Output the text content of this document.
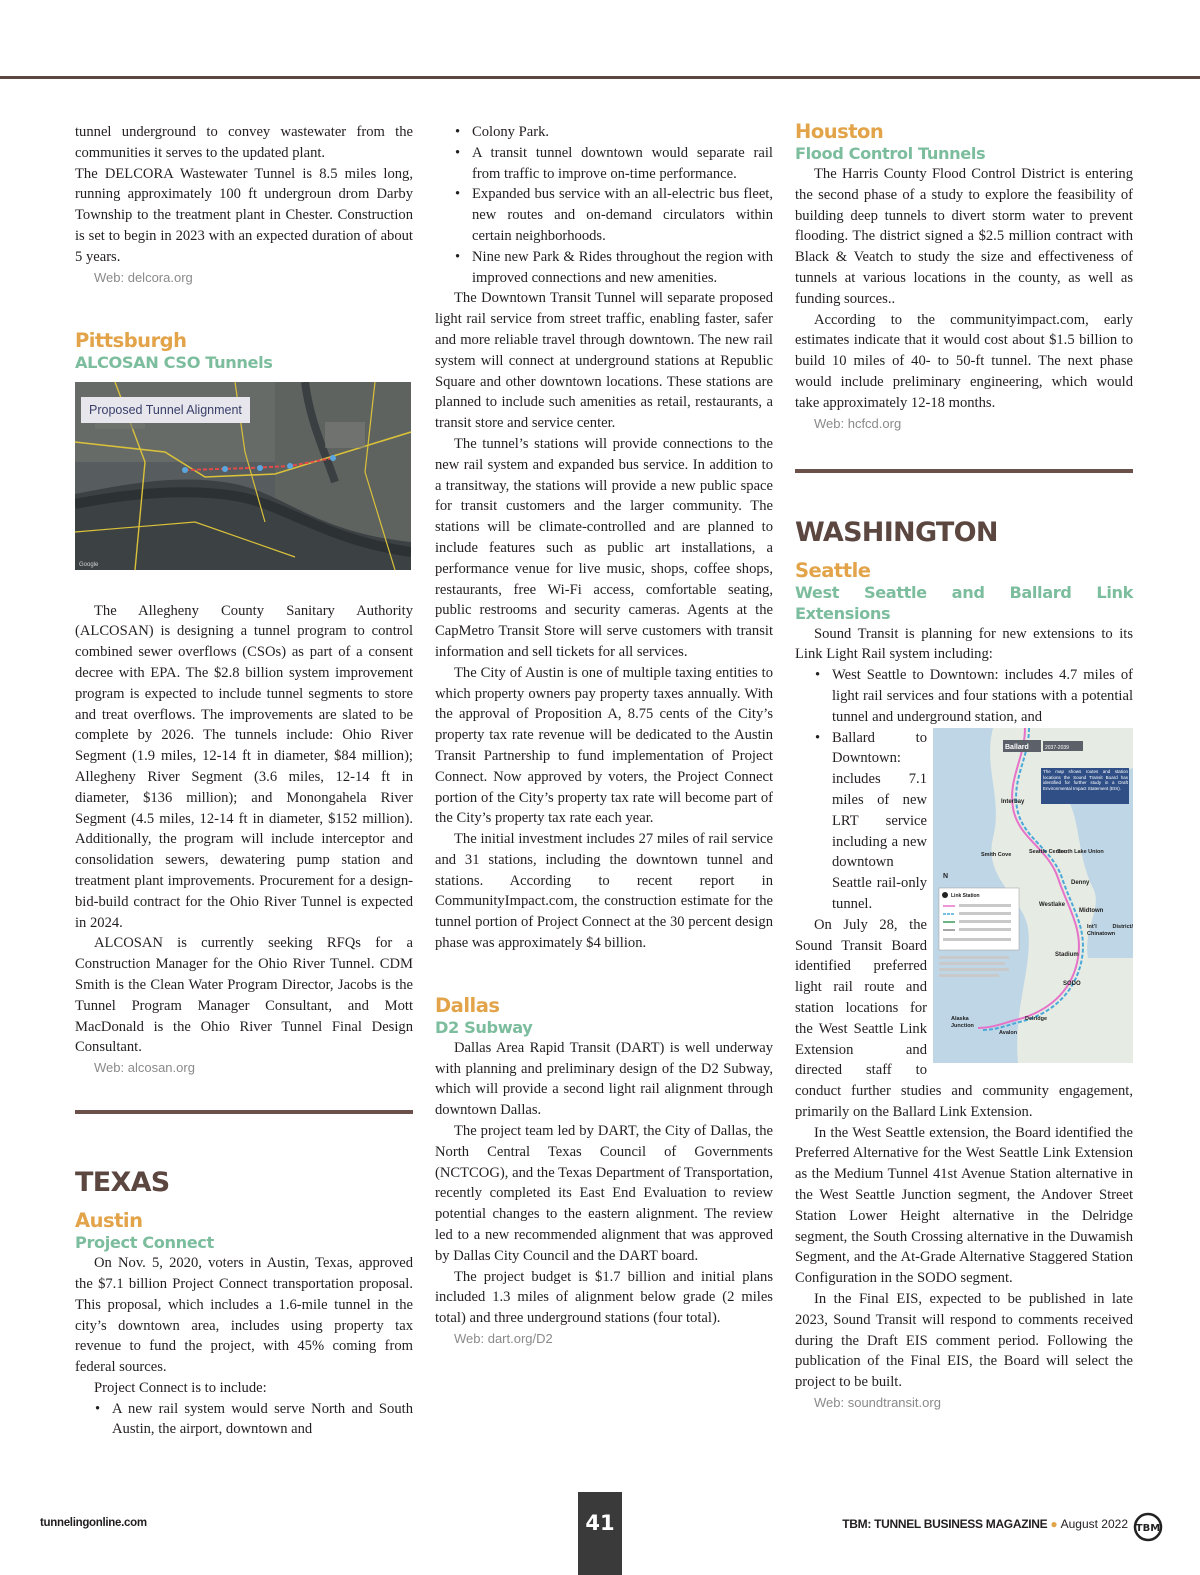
tunnel underground to convey wastewater from the communities it serves to the updated plant.

The DELCORA Wastewater Tunnel is 8.5 miles long, running approximately 100 ft undergroun drom Darby Township to the treatment plant in Chester. Construction is set to begin in 2023 with an expected duration of about 5 years.

Web: delcora.org
Pittsburgh
ALCOSAN CSO Tunnels
Google
Proposed Tunnel Alignment

The Allegheny County Sanitary Authority (ALCOSAN) is designing a tunnel program to control combined sewer overflows (CSOs) as part of a consent decree with EPA. The $2.8 billion system improvement program is expected to include tunnel segments to store and treat overflows. The improvements are slated to be complete by 2026. The tunnels include: Ohio River Segment (1.9 miles, 12-14 ft in diameter, $84 million); Allegheny River Segment (3.6 miles, 12-14 ft in diameter, $136 million); and Monongahela River Segment (4.5 miles, 12-14 ft in diameter, $152 million). Additionally, the program will include interceptor and consolidation sewers, dewatering pump station and treatment plant improvements. Procurement for a design-bid-build contract for the Ohio River Tunnel is expected in 2024.

ALCOSAN is currently seeking RFQs for a Construction Manager for the Ohio River Tunnel. CDM Smith is the Clean Water Program Director, Jacobs is the Tunnel Program Manager Consultant, and Mott MacDonald is the Ohio River Tunnel Final Design Consultant.

Web: alcosan.org
TEXAS
Austin
Project Connect

On Nov. 5, 2020, voters in Austin, Texas, approved the $7.1 billion Project Connect transportation proposal. This proposal, which includes a 1.6-mile tunnel in the city’s downtown area, includes using property tax revenue to fund the project, with 45% coming from federal sources.

Project Connect is to include:

• A new rail system would serve North and South Austin, the airport, downtown and
• Colony Park.
• A transit tunnel downtown would separate rail from traffic to improve on-time performance.
• Expanded bus service with an all-electric bus fleet, new routes and on-demand circulators within certain neighborhoods.
• Nine new Park & Rides throughout the region with improved connections and new amenities.

The Downtown Transit Tunnel will separate proposed light rail service from street traffic, enabling faster, safer and more reliable travel through downtown. The new rail system will connect at underground stations at Republic Square and other downtown locations. These stations are planned to include such amenities as retail, restaurants, a transit store and service center.

The tunnel’s stations will provide connections to the new rail system and expanded bus service. In addition to a transitway, the stations will provide a new public space for transit customers and the larger community. The stations will be climate-controlled and are planned to include features such as public art installations, a performance venue for live music, shops, coffee shops, restaurants, free Wi-Fi access, comfortable seating, public restrooms and security cameras. Agents at the CapMetro Transit Store will serve customers with transit information and sell tickets for all services.

The City of Austin is one of multiple taxing entities to which property owners pay property taxes annually. With the approval of Proposition A, 8.75 cents of the City’s property tax rate revenue will be dedicated to the Austin Transit Partnership to fund implementation of Project Connect. Now approved by voters, the Project Connect portion of the City’s property tax rate will become part of the City’s property tax rate each year.

The initial investment includes 27 miles of rail service and 31 stations, including the downtown tunnel and stations. According to recent report in CommunityImpact.com, the construction estimate for the tunnel portion of Project Connect at the 30 percent design phase was approximately $4 billion.

Dallas
D2 Subway

Dallas Area Rapid Transit (DART) is well underway with planning and preliminary design of the D2 Subway, which will provide a second light rail alignment through downtown Dallas.

The project team led by DART, the City of Dallas, the North Central Texas Council of Governments (NCTCOG), and the Texas Department of Transportation, recently completed its East End Evaluation to review potential changes to the eastern alignment. The review led to a new recommended alignment that was approved by Dallas City Council and the DART board.

The project budget is $1.7 billion and initial plans included 1.3 miles of alignment below grade (2 miles total) and three underground stations (four total).

Web: dart.org/D2
Houston
Flood Control Tunnels

The Harris County Flood Control District is entering the second phase of a study to explore the feasibility of building deep tunnels to divert storm water to prevent flooding. The district signed a $2.5 million contract with Black & Veatch to study the size and effectiveness of tunnels at various locations in the county, as well as funding sources..

According to the communityimpact.com, early estimates indicate that it would cost about $1.5 billion to build 10 miles of 40- to 50-ft tunnel. The next phase would include preliminary engineering, which would take approximately 12-18 months.

Web: hcfcd.org
WASHINGTON
Seattle
West Seattle and Ballard Link Extensions

Sound Transit is planning for new extensions to its Link Light Rail system including:

• West Seattle to Downtown: includes 4.7 miles of light rail services and four stations with a potential tunnel and underground station, and
• Ballard	2037-2039
The map shows routes and station locations the Sound Transit Board has identified for further study in a Draft Environmental Impact Statement (EIS).
Interbay
Smith Cove	Seattle Center
South Lake Union
Denny
Westlake
Midtown
Int’l District/ Chinatown
Stadium
SODO
Delridge
Alaska Junction
Avalon
Link Station
N
Ballard to Downtown: includes 7.1 miles of new LRT service including a new downtown Seattle rail-only tunnel.

On July 28, the Sound Transit Board identified preferred light rail route and station locations for the West Seattle Link Extension and directed staff to conduct further studies and community engagement, primarily on the Ballard Link Extension.

In the West Seattle extension, the Board identified the Preferred Alternative for the West Seattle Link Extension as the Medium Tunnel 41st Avenue Station alternative in the West Seattle Junction segment, the Andover Street Station Lower Height alternative in the Delridge segment, the South Crossing alternative in the Duwamish Segment, and the At-Grade Alternative Staggered Station Configuration in the SODO segment.

In the Final EIS, expected to be published in late 2023, Sound Transit will respond to comments received during the Draft EIS comment period. Following the publication of the Final EIS, the Board will select the project to be built.

Web: soundtransit.org
tunnelingonline.com	41	TBM: TUNNEL BUSINESS MAGAZINE ● August 2022 TBM
